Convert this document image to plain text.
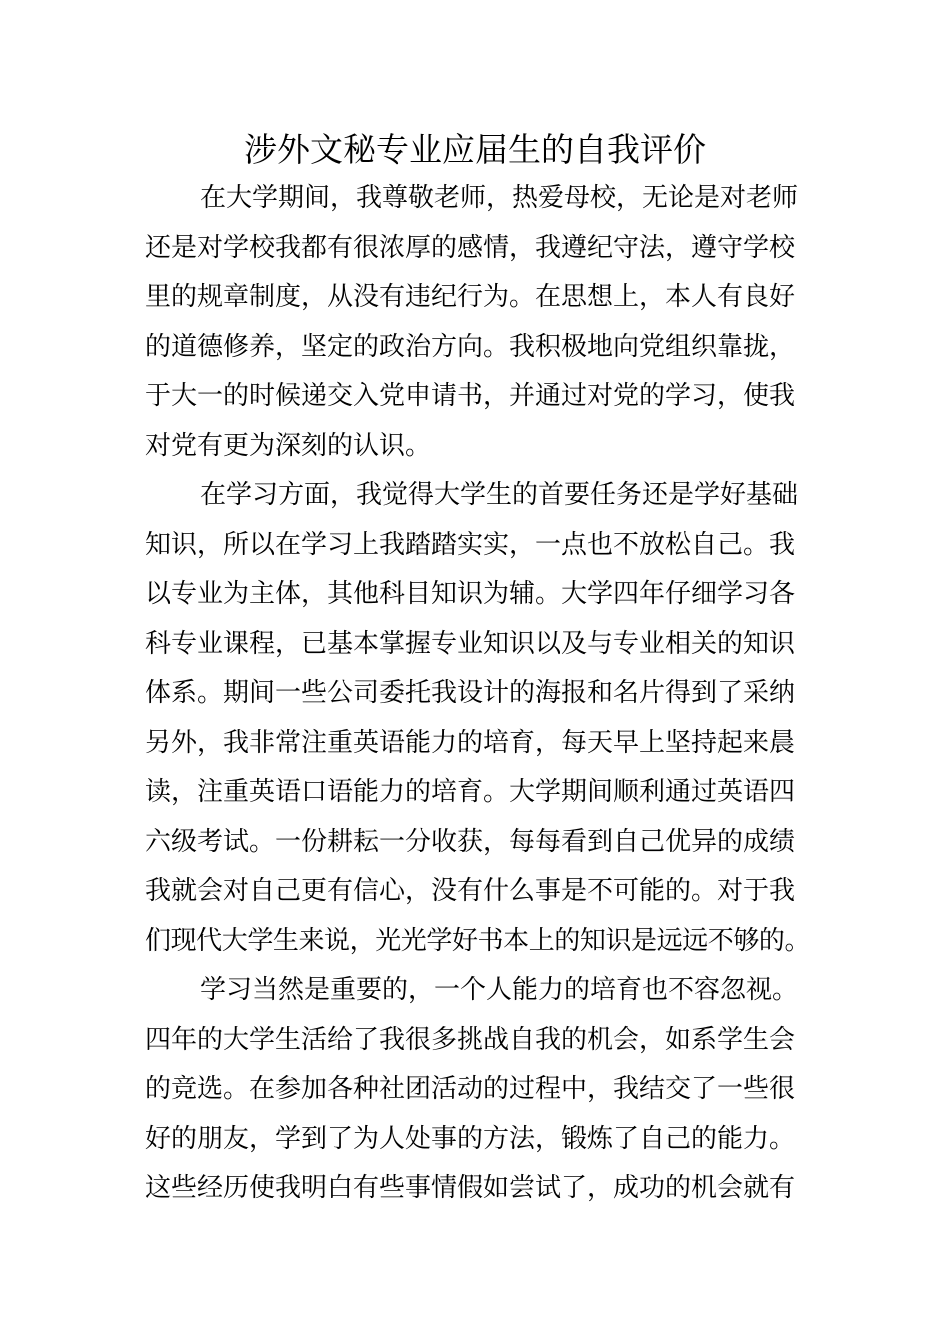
涉外文秘专业应届生的自我评价
在大学期间，我尊敬老师，热爱母校，无论是对老师
还是对学校我都有很浓厚的感情，我遵纪守法，遵守学校
里的规章制度，从没有违纪行为。在思想上，本人有良好
的道德修养，坚定的政治方向。我积极地向党组织靠拢，
于大一的时候递交入党申请书，并通过对党的学习，使我
对党有更为深刻的认识。
在学习方面，我觉得大学生的首要任务还是学好基础
知识，所以在学习上我踏踏实实，一点也不放松自己。我
以专业为主体，其他科目知识为辅。大学四年仔细学习各
科专业课程，已基本掌握专业知识以及与专业相关的知识
体系。期间一些公司委托我设计的海报和名片得到了采纳
另外，我非常注重英语能力的培育，每天早上坚持起来晨
读，注重英语口语能力的培育。大学期间顺利通过英语四
六级考试。一份耕耘一分收获，每每看到自己优异的成绩
我就会对自己更有信心，没有什么事是不可能的。对于我
们现代大学生来说，光光学好书本上的知识是远远不够的。
学习当然是重要的，一个人能力的培育也不容忽视。
四年的大学生活给了我很多挑战自我的机会，如系学生会
的竞选。在参加各种社团活动的过程中，我结交了一些很
好的朋友，学到了为人处事的方法，锻炼了自己的能力。
这些经历使我明白有些事情假如尝试了，成功的机会就有
